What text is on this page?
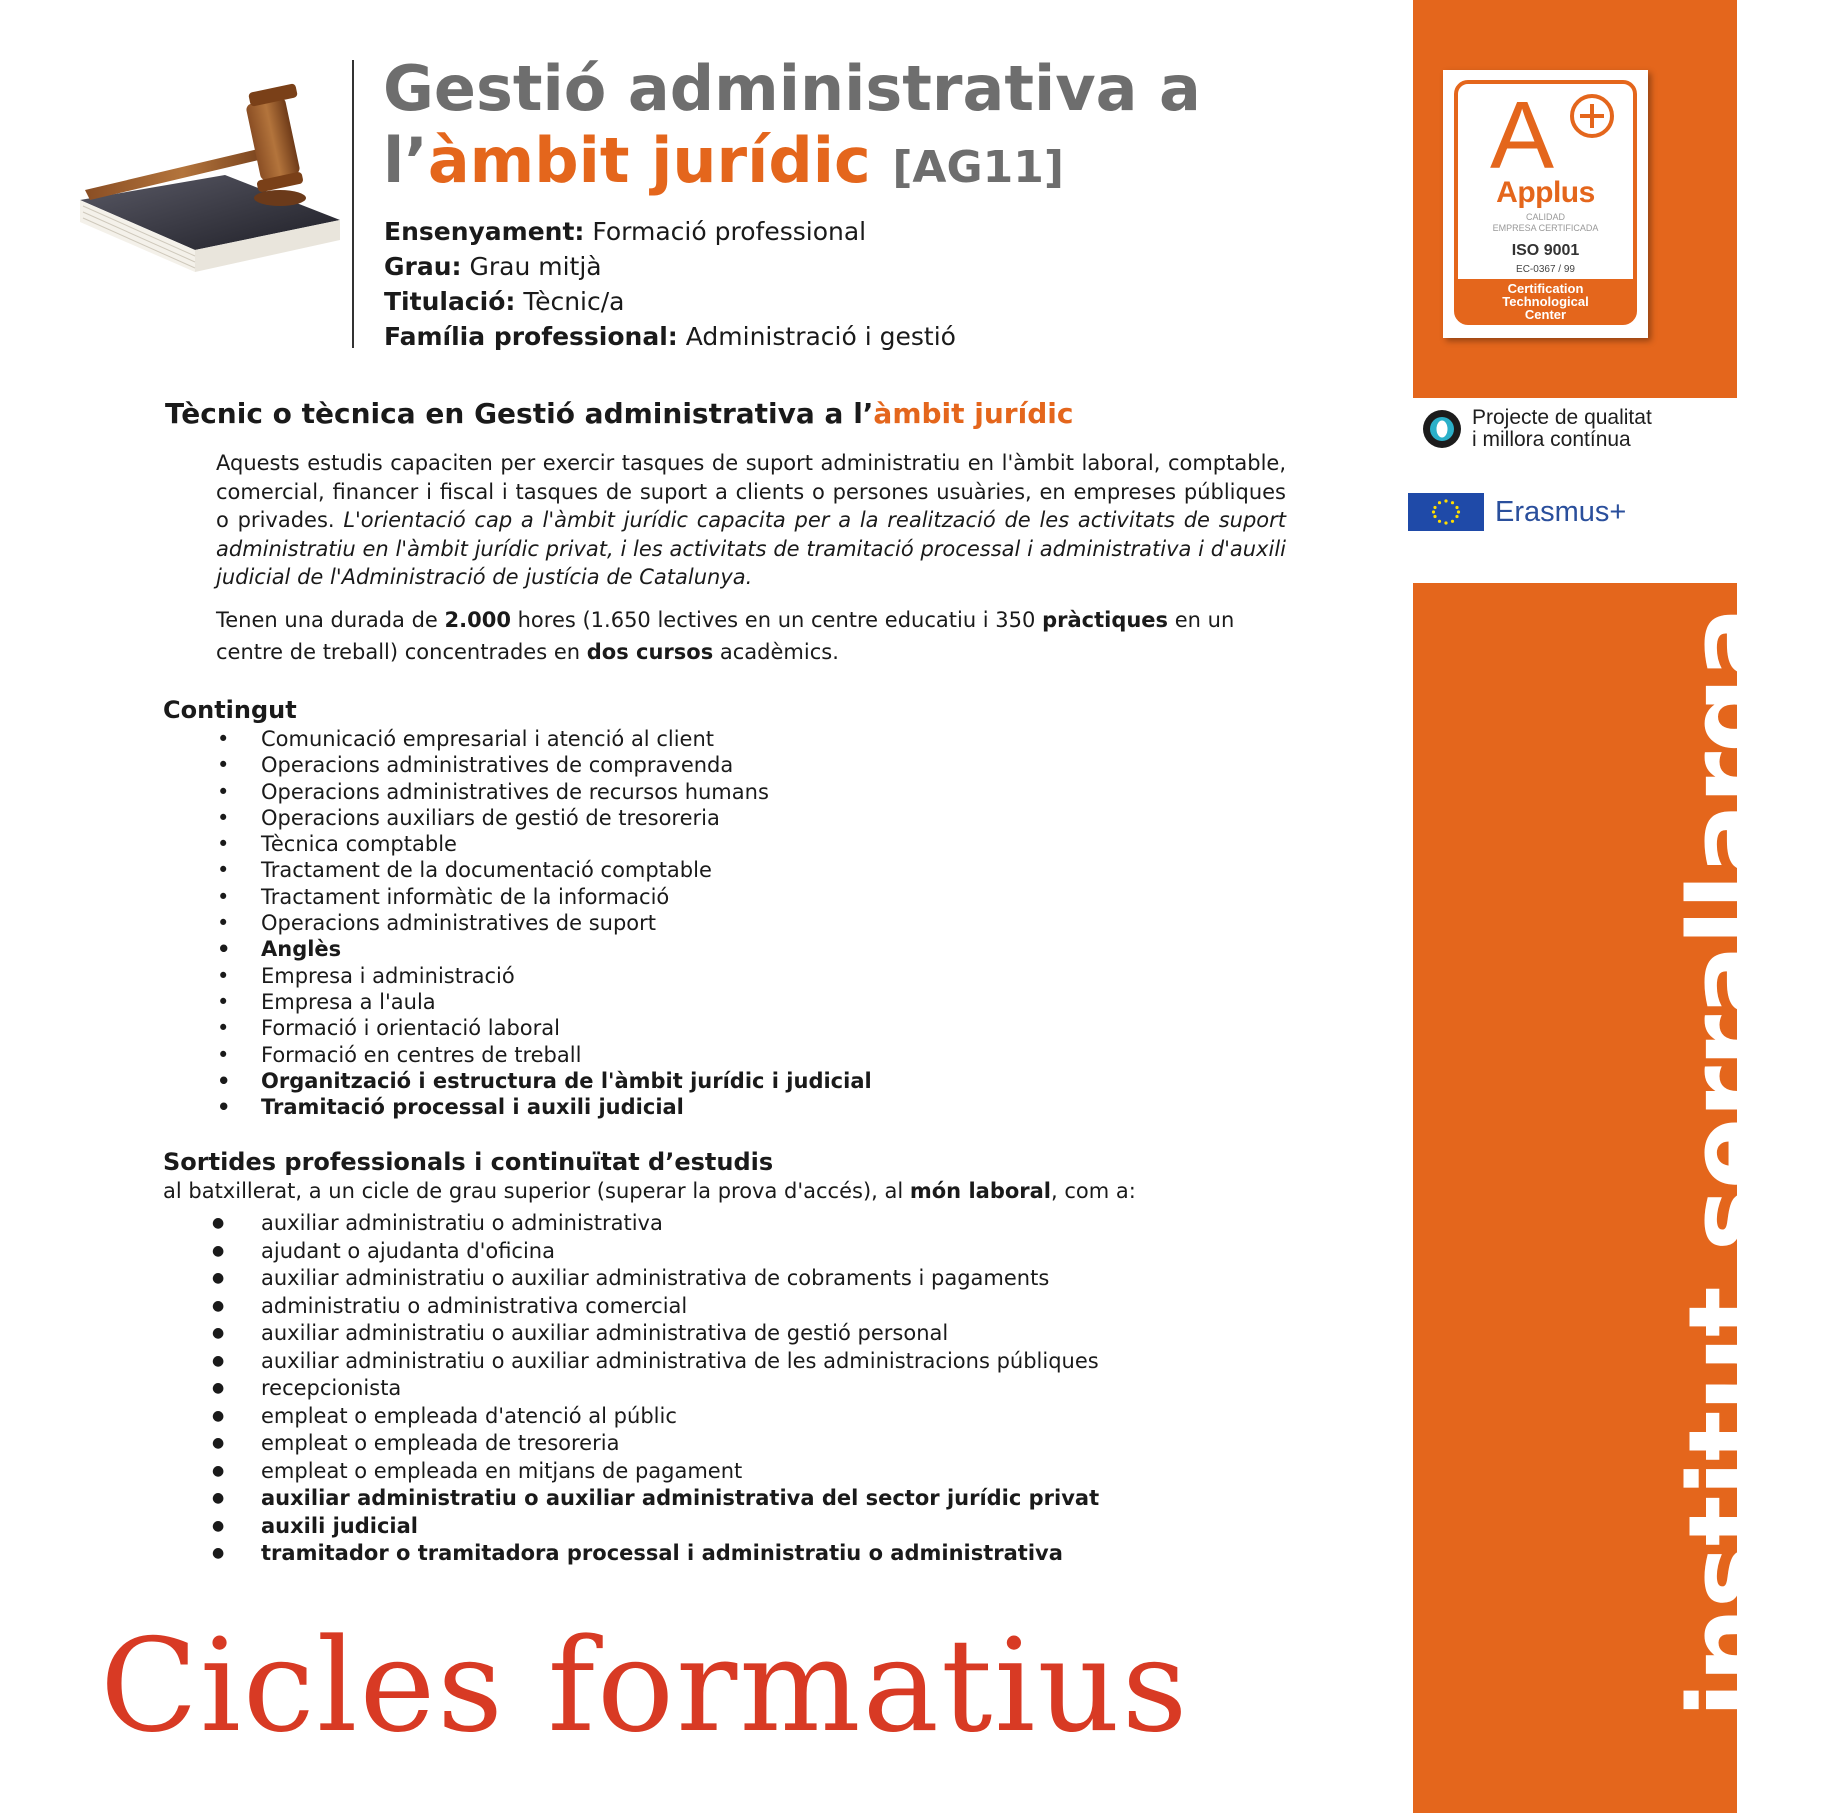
A
Applus
CALIDAD
EMPRESA CERTIFICADA
ISO 9001
EC-0367 / 99
Certification
Technological
Center
Projecte de qualitat
i millora contínua
Erasmus+
institut serrallarga www.xtec.cat/iesserrallarga
Gestió administrativa a
l’àmbit jurídic [AG11]
Ensenyament: Formació professional
Grau: Grau mitjà
Titulació: Tècnic/a
Família professional: Administració i gestió
Tècnic o tècnica en Gestió administrativa a l’àmbit jurídic
Aquests estudis capaciten per exercir tasques de suport administratiu en l'àmbit laboral, comptable, comercial, financer i fiscal i tasques de suport a clients o persones usuàries, en empreses públiques o privades. L'orientació cap a l'àmbit jurídic capacita per a la realització de les activitats de suport administratiu en l'àmbit jurídic privat, i les activitats de tramitació processal i administrativa i d'auxili judicial de l'Administració de justícia de Catalunya.
Tenen una durada de 2.000 hores (1.650 lectives en un centre educatiu i 350 pràctiques en un centre de treball) concentrades en dos cursos acadèmics.
Contingut
• Comunicació empresarial i atenció al client
• Operacions administratives de compravenda
• Operacions administratives de recursos humans
• Operacions auxiliars de gestió de tresoreria
• Tècnica comptable
• Tractament de la documentació comptable
• Tractament informàtic de la informació
• Operacions administratives de suport
• Anglès
• Empresa i administració
• Empresa a l'aula
• Formació i orientació laboral
• Formació en centres de treball
• Organització i estructura de l'àmbit jurídic i judicial
• Tramitació processal i auxili judicial
Sortides professionals i continuïtat d’estudis
al batxillerat, a un cicle de grau superior (superar la prova d'accés), al món laboral, com a:
● auxiliar administratiu o administrativa
● ajudant o ajudanta d'oficina
● auxiliar administratiu o auxiliar administrativa de cobraments i pagaments
● administratiu o administrativa comercial
● auxiliar administratiu o auxiliar administrativa de gestió personal
● auxiliar administratiu o auxiliar administrativa de les administracions públiques
● recepcionista
● empleat o empleada d'atenció al públic
● empleat o empleada de tresoreria
● empleat o empleada en mitjans de pagament
● auxiliar administratiu o auxiliar administrativa del sector jurídic privat
● auxili judicial
● tramitador o tramitadora processal i administratiu o administrativa
Cicles formatius
